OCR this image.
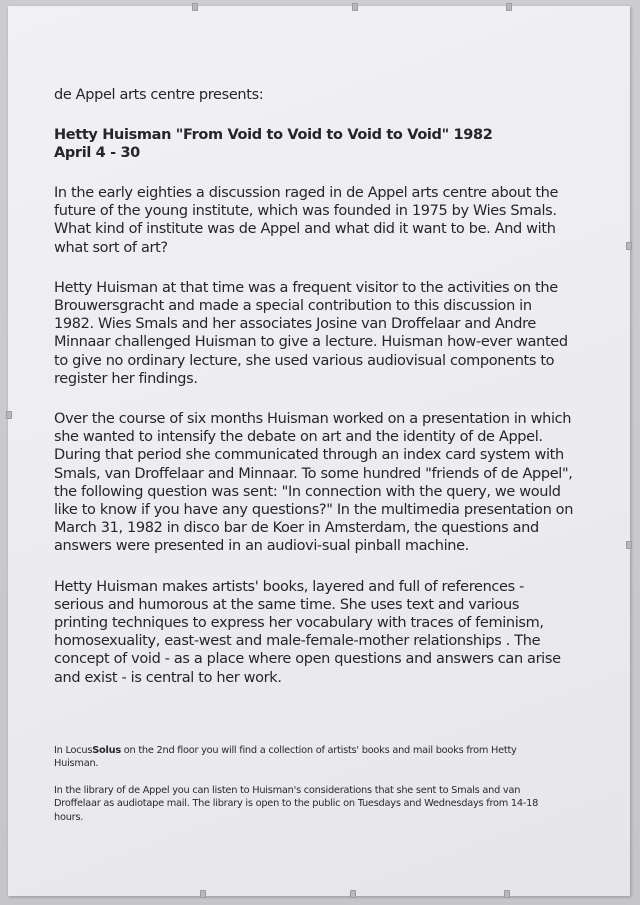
de Appel arts centre presents:

Hetty Huisman "From Void to Void to Void to Void" 1982

April 4 - 30

In the early eighties a discussion raged in de Appel arts centre about the future of the young institute, which was founded in 1975 by Wies Smals. What kind of institute was de Appel and what did it want to be. And with what sort of art?

Hetty Huisman at that time was a frequent visitor to the activities on the Brouwersgracht and made a special contribution to this discussion in 1982. Wies Smals and her associates Josine van Droffelaar and Andre Minnaar challenged Huisman to give a lecture. Huisman how-ever wanted to give no ordinary lecture, she used various audiovisual components to register her findings.

Over the course of six months Huisman worked on a presentation in which she wanted to intensify the debate on art and the identity of de Appel. During that period she communicated through an index card system with Smals, van Droffelaar and Minnaar. To some hundred "friends of de Appel", the following question was sent: "In connection with the query, we would like to know if you have any questions?" In the multimedia presentation on March 31, 1982 in disco bar de Koer in Amsterdam, the questions and answers were presented in an audiovi-sual pinball machine.

Hetty Huisman makes artists' books, layered and full of references - serious and humorous at the same time. She uses text and various printing techniques to express her vocabulary with traces of feminism, homosexuality, east-west and male-female-mother relationships . The concept of void - as a place where open questions and answers can arise and exist - is central to her work.

In LocusSolus on the 2nd floor you will find a collection of artists' books and mail books from Hetty Huisman.

In the library of de Appel you can listen to Huisman's considerations that she sent to Smals and van Droffelaar as audiotape mail. The library is open to the public on Tuesdays and Wednesdays from 14-18 hours.
